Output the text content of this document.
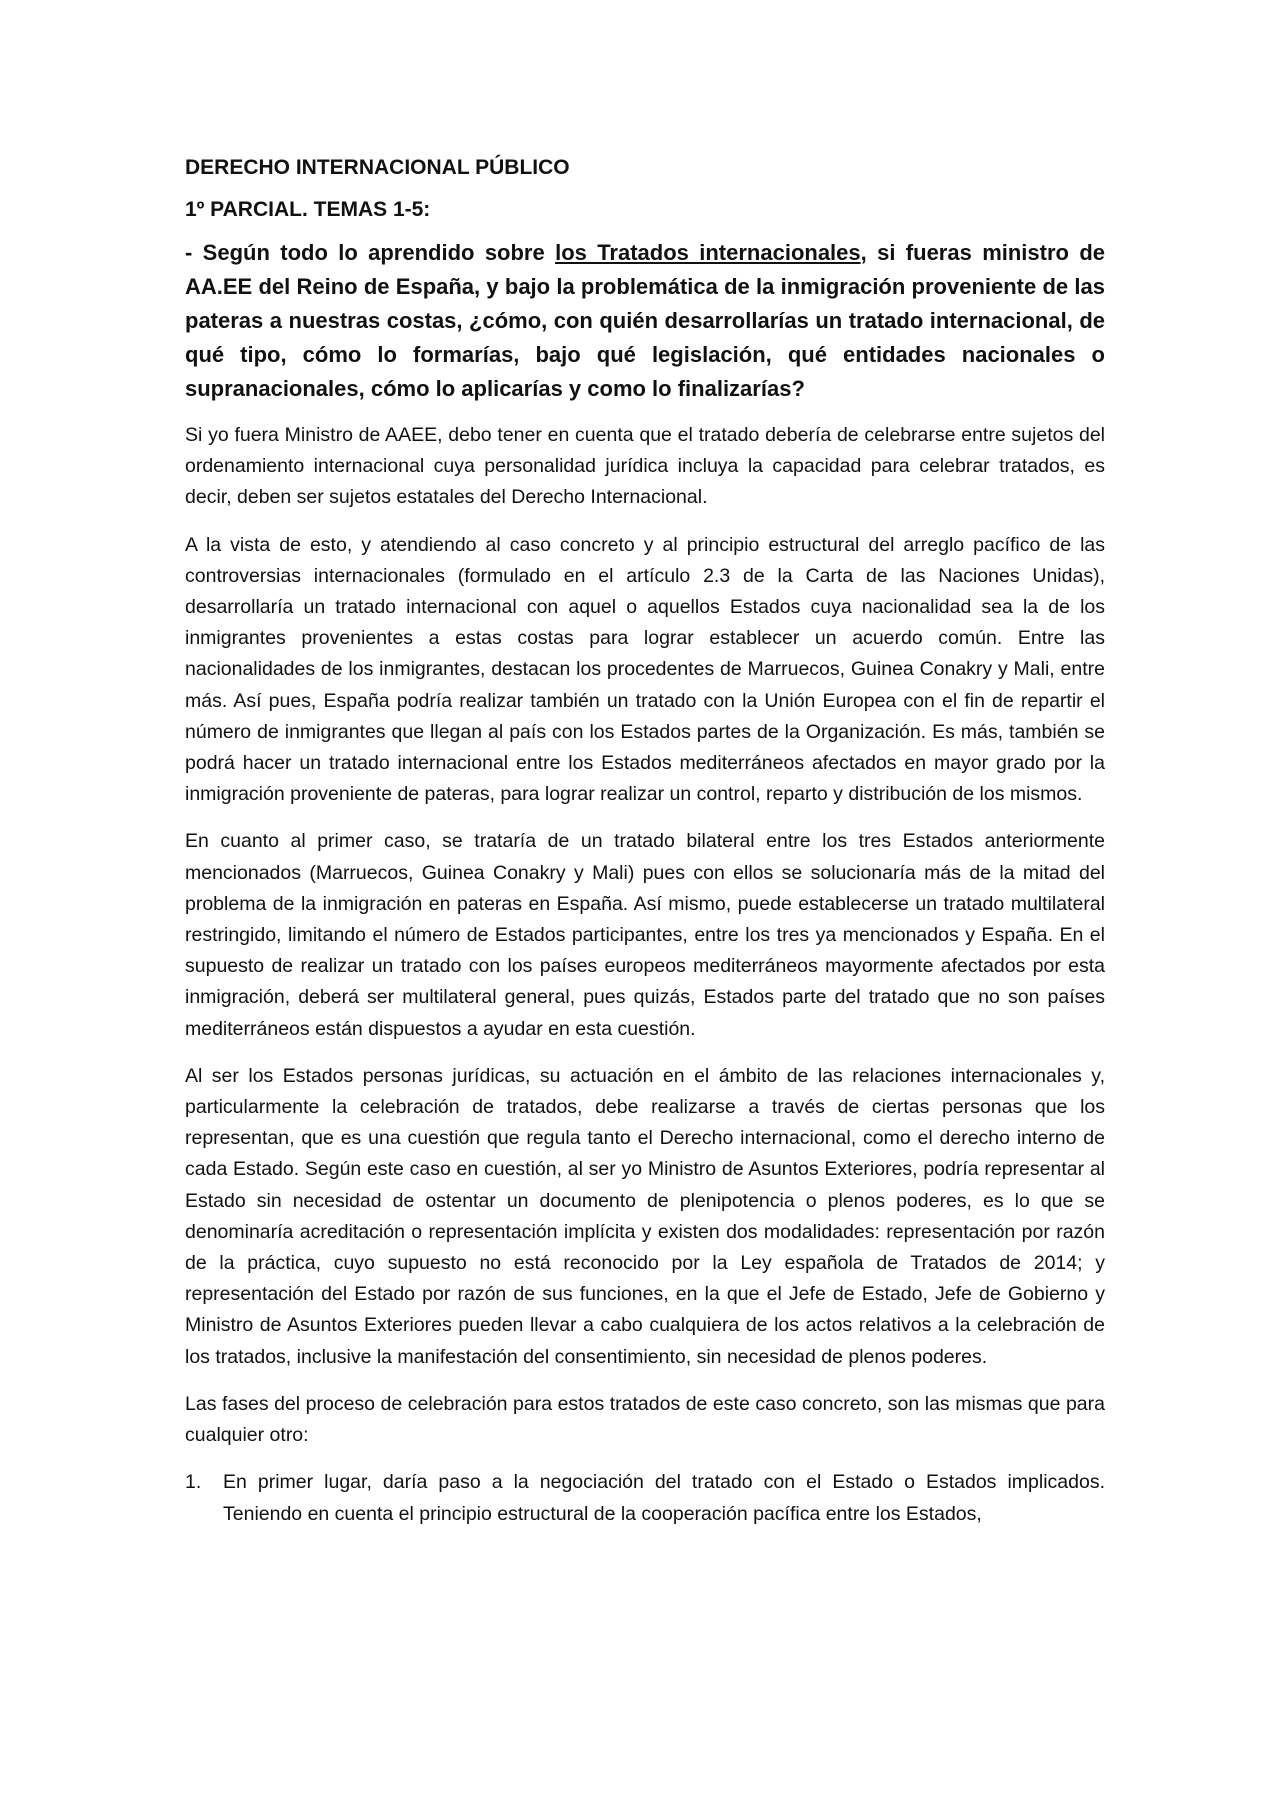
DERECHO INTERNACIONAL PÚBLICO

1º PARCIAL. TEMAS 1-5:

- Según todo lo aprendido sobre los Tratados internacionales, si fueras ministro de AA.EE del Reino de España, y bajo la problemática de la inmigración proveniente de las pateras a nuestras costas, ¿cómo, con quién desarrollarías un tratado internacional, de qué tipo, cómo lo formarías, bajo qué legislación, qué entidades nacionales o supranacionales, cómo lo aplicarías y como lo finalizarías?

Si yo fuera Ministro de AAEE, debo tener en cuenta que el tratado debería de celebrarse entre sujetos del ordenamiento internacional cuya personalidad jurídica incluya la capacidad para celebrar tratados, es decir, deben ser sujetos estatales del Derecho Internacional.

A la vista de esto, y atendiendo al caso concreto y al principio estructural del arreglo pacífico de las controversias internacionales (formulado en el artículo 2.3 de la Carta de las Naciones Unidas), desarrollaría un tratado internacional con aquel o aquellos Estados cuya nacionalidad sea la de los inmigrantes provenientes a estas costas para lograr establecer un acuerdo común. Entre las nacionalidades de los inmigrantes, destacan los procedentes de Marruecos, Guinea Conakry y Mali, entre más. Así pues, España podría realizar también un tratado con la Unión Europea con el fin de repartir el número de inmigrantes que llegan al país con los Estados partes de la Organización. Es más, también se podrá hacer un tratado internacional entre los Estados mediterráneos afectados en mayor grado por la inmigración proveniente de pateras, para lograr realizar un control, reparto y distribución de los mismos.

En cuanto al primer caso, se trataría de un tratado bilateral entre los tres Estados anteriormente mencionados (Marruecos, Guinea Conakry y Mali) pues con ellos se solucionaría más de la mitad del problema de la inmigración en pateras en España. Así mismo, puede establecerse un tratado multilateral restringido, limitando el número de Estados participantes, entre los tres ya mencionados y España. En el supuesto de realizar un tratado con los países europeos mediterráneos mayormente afectados por esta inmigración, deberá ser multilateral general, pues quizás, Estados parte del tratado que no son países mediterráneos están dispuestos a ayudar en esta cuestión.

Al ser los Estados personas jurídicas, su actuación en el ámbito de las relaciones internacionales y, particularmente la celebración de tratados, debe realizarse a través de ciertas personas que los representan, que es una cuestión que regula tanto el Derecho internacional, como el derecho interno de cada Estado. Según este caso en cuestión, al ser yo Ministro de Asuntos Exteriores, podría representar al Estado sin necesidad de ostentar un documento de plenipotencia o plenos poderes, es lo que se denominaría acreditación o representación implícita y existen dos modalidades: representación por razón de la práctica, cuyo supuesto no está reconocido por la Ley española de Tratados de 2014; y representación del Estado por razón de sus funciones, en la que el Jefe de Estado, Jefe de Gobierno y Ministro de Asuntos Exteriores pueden llevar a cabo cualquiera de los actos relativos a la celebración de los tratados, inclusive la manifestación del consentimiento, sin necesidad de plenos poderes.

Las fases del proceso de celebración para estos tratados de este caso concreto, son las mismas que para cualquier otro:

1. En primer lugar, daría paso a la negociación del tratado con el Estado o Estados implicados. Teniendo en cuenta el principio estructural de la cooperación pacífica entre los Estados,
